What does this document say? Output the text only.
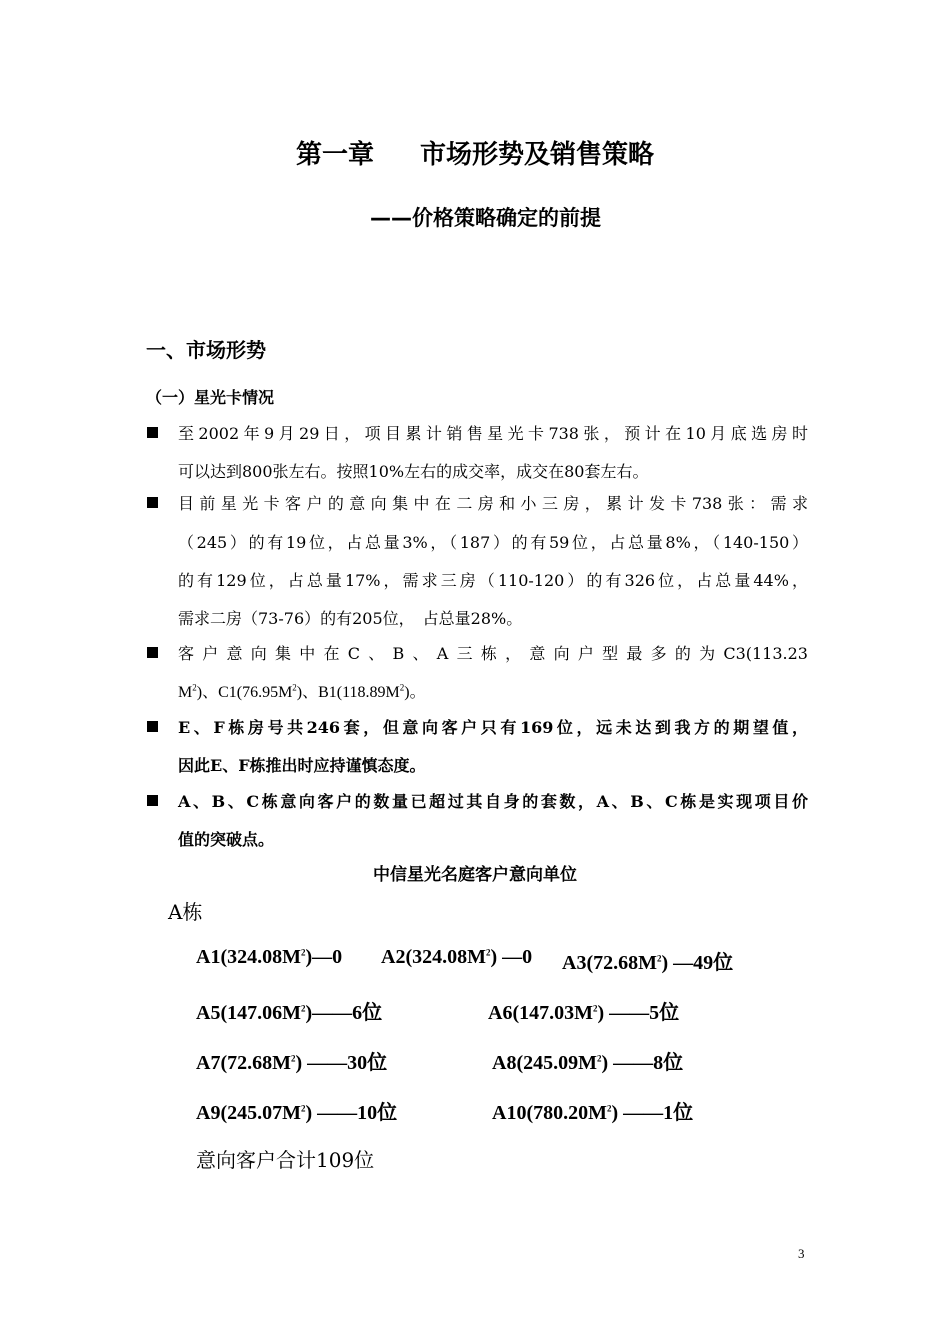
第一章 市场形势及销售策略
——价格策略确定的前提
一、市场形势
（一）星光卡情况
至2002年9月29日，项目累计销售星光卡738张，预计在10月底选房时
可以达到800张左右。按照10%左右的成交率，成交在80套左右。
目前星光卡客户的意向集中在二房和小三房，累计发卡738张：需求
（245）的有19位，占总量3%，（187）的有59位，占总量8%，（140-150）
的有129位，占总量17%，需求三房（110-120）的有326位，占总量44%，
需求二房（73-76）的有205位，　占总量28%。
客户意向集中在C、B、A三栋，意向户型最多的为C3(113.23
$M^2$)、$C1(76.95M^2)$、$B1(118.89M^2)$。
E、F栋房号共246套，但意向客户只有169位，远未达到我方的期望值，
因此E、F栋推出时应持谨慎态度。
A、B、C栋意向客户的数量已超过其自身的套数，A、B、C栋是实现项目价
值的突破点。
中信星光名庭客户意向单位
A栋
$A1(324.08M^2)—0$ $A2(324.08M^2)$ —0 $A3(72.68M^2)$ —49位
$A5(147.06M^2)——6$位	$A6(147.03M^2)$ ——5位
$A7(72.68M^2)$ ——30位	$A8(245.09M^2)$ ——8位
$A9(245.07M^2)$ ——10位	$A10(780.20M^2)$ ——1位
意向客户合计109位
3
